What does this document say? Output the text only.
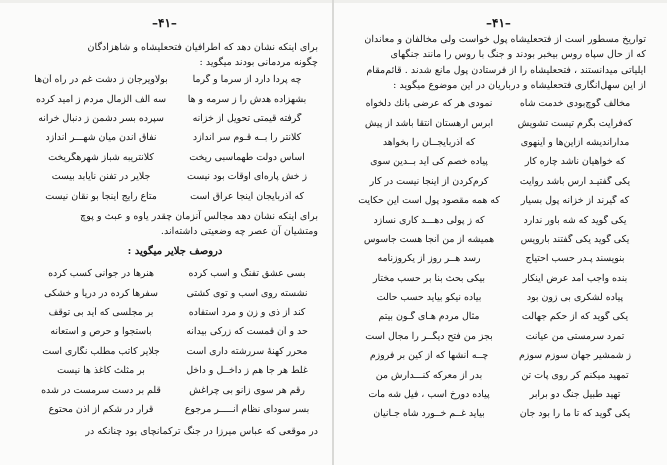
–۴۱–
برای اینکه نشان دهد که اطرافیان فتحعلیشاه و شاهزادگان
چگونه مردمانی بودند میگوید :
چه پردا دارد از سرما و گرما
بولاویرجان ز دشت غم در راه آن‌ها
بشهزاده هدش را ز سرمه و ها
سه الف الزمال مردم ز امید کرده
گرفته قیمتی تحویل از خزانه
سپرده بسر دشمن ز دنبال خرانه
کلانتر را بــه قـوم سر اندازد
نفاق اندن میان شهـــر اندازد
اساس دولت طهماسبی ریخت
کلانتریبه شباز شهرهگریخت
ز خش پاره‌ای اوقات بود نیست
جلایر در تفنن نایابد بیست
که آذربایجان اینجا عراق است
متاع رایج اینجا بو نقان نیست
برای اینکه نشان دهد مجالس آنزمان چقدر یاوه و عبث و پوچ
ومتشیان آن عصر چه وضعیتی داشته‌اند.
دروصف جلایر میگوید :
بسی عشق تفنگ و اسب کرده
هنرها در جوانی کسب کرده
نشسته روی اسب و توی کشتی
سفرها کرده در دریا و خشکی
کند از ذی و زن و مرد استفاده
بر مجلسی که آید بی توقف
حد و آن قمست که زرکی بیدانه
باستجوا و حرص و استعانه
محرر کهنهٔ سررشته داری است
جلایر کاتب مطلب نگاری است
غلط هر جا هم ز داخــل و داخل
بر مثلث کاغذ ها نیست
رقم هر سوی زانو بی چراغش
قلم بر دست سرمست در شده
بسر سودای نظام آنـــــر مرجوع
قرار در شکم از اذن محتوع
در موقعی که عباس میرزا در جنگ ترکمانچای بود چنانکه در
–۴۱–
تواریخ مسطور است از فتحعلیشاه پول خواست ولی مخالفان و معاندان
که از حال سپاه روس بیخبر بودند و جنگ با روس را مانند جنگهای
ایلیاتی میدانستند ، فتحعلیشاه را از فرستادن پول مانع شدند . قائم‌مقام
از این سهل‌انگاری فتحعلیشاه و درباریان در این موضوع میگوید :
مخالف گوچ‌بودی خدمت شاه
نمودی هر که عرضی بانك دلخواه
که‌فرایت بگرم تیست تشویش
ابرس ارهستان انتقا باشد از پیش
مداراندیشه ازاین‌ها و آینهوی
که آذربایجــان را بخواهد
که خواهیان ناشد چاره کار
پیاده خصم کی آید بــدین سوی
یکی گفتیـد ارس باشد روایت
کرم‌کردن از اینجا نیست در کار
که گیرند از خزانه پول بسیار
که همه مقصود پول است این حکایت
یکی گوید که شه باور ندارد
که ز پولی دهـــد کاری نسازد
یکی گوید یکی گفتند بارویس
همیشه از من آنجا هست جاسوس
بنویسند پـدر حسب احتیاج
رسد هــر روز از یکروزنامه
بنده واجب آمد عرض اینکار
بیکی بحث بنا بر حسب مختار
پیاده لشکری بی زون بود
بیاده نیکو بیاید حسب حالت
یکی گوید که از حکم جهالت
مثال مردم هـای گـون بیتم
تمرد سرمستی من عیانت
بجز من فتح دیگــر را مجال است
ز شمشیر جهان سوزم سوزم
چــه آنشها که از کین بر فروزم
تمهید میکنم کر روی پات تن
بدر از معرکه کنـــدارش من
تهید طبیل جنگ دو برابر
پیاده دورخ اسب ، فیل شه مات
یکی گوید که تا ما را بود جان
بیاید غــم خــورد شاه جـانیان
